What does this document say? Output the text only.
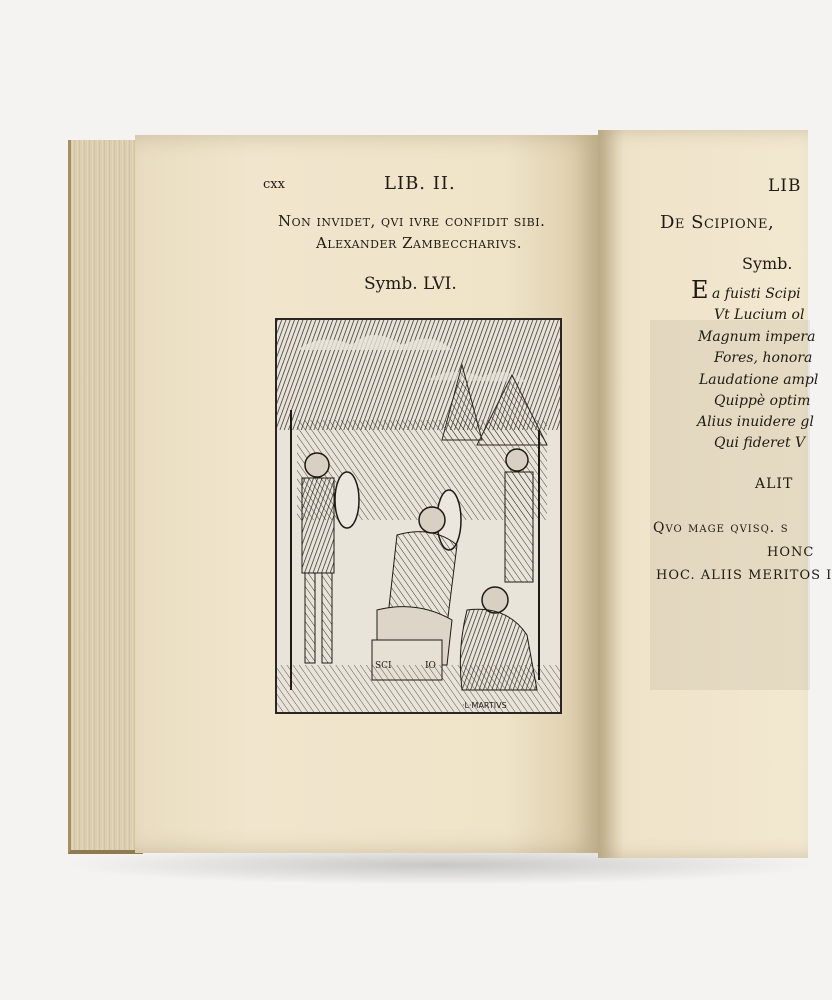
cxx	LIB. II.
Non invidet, qvi ivre confidit sibi.
Alexander Zambeccharivs.
Symb. LVI.
·L·MARTIVS
LIB
De Scipione,
Symb.
E a fuisti Scipi
Vt Lucium ol
Magnum impera
Fores, honora
Laudatione ampl
Quippè optim
Alius inuidere gl
Qui fideret V
ALIT
Qvo mage qvisq. s
HONC
HOC. ALIIS MERITOS I
